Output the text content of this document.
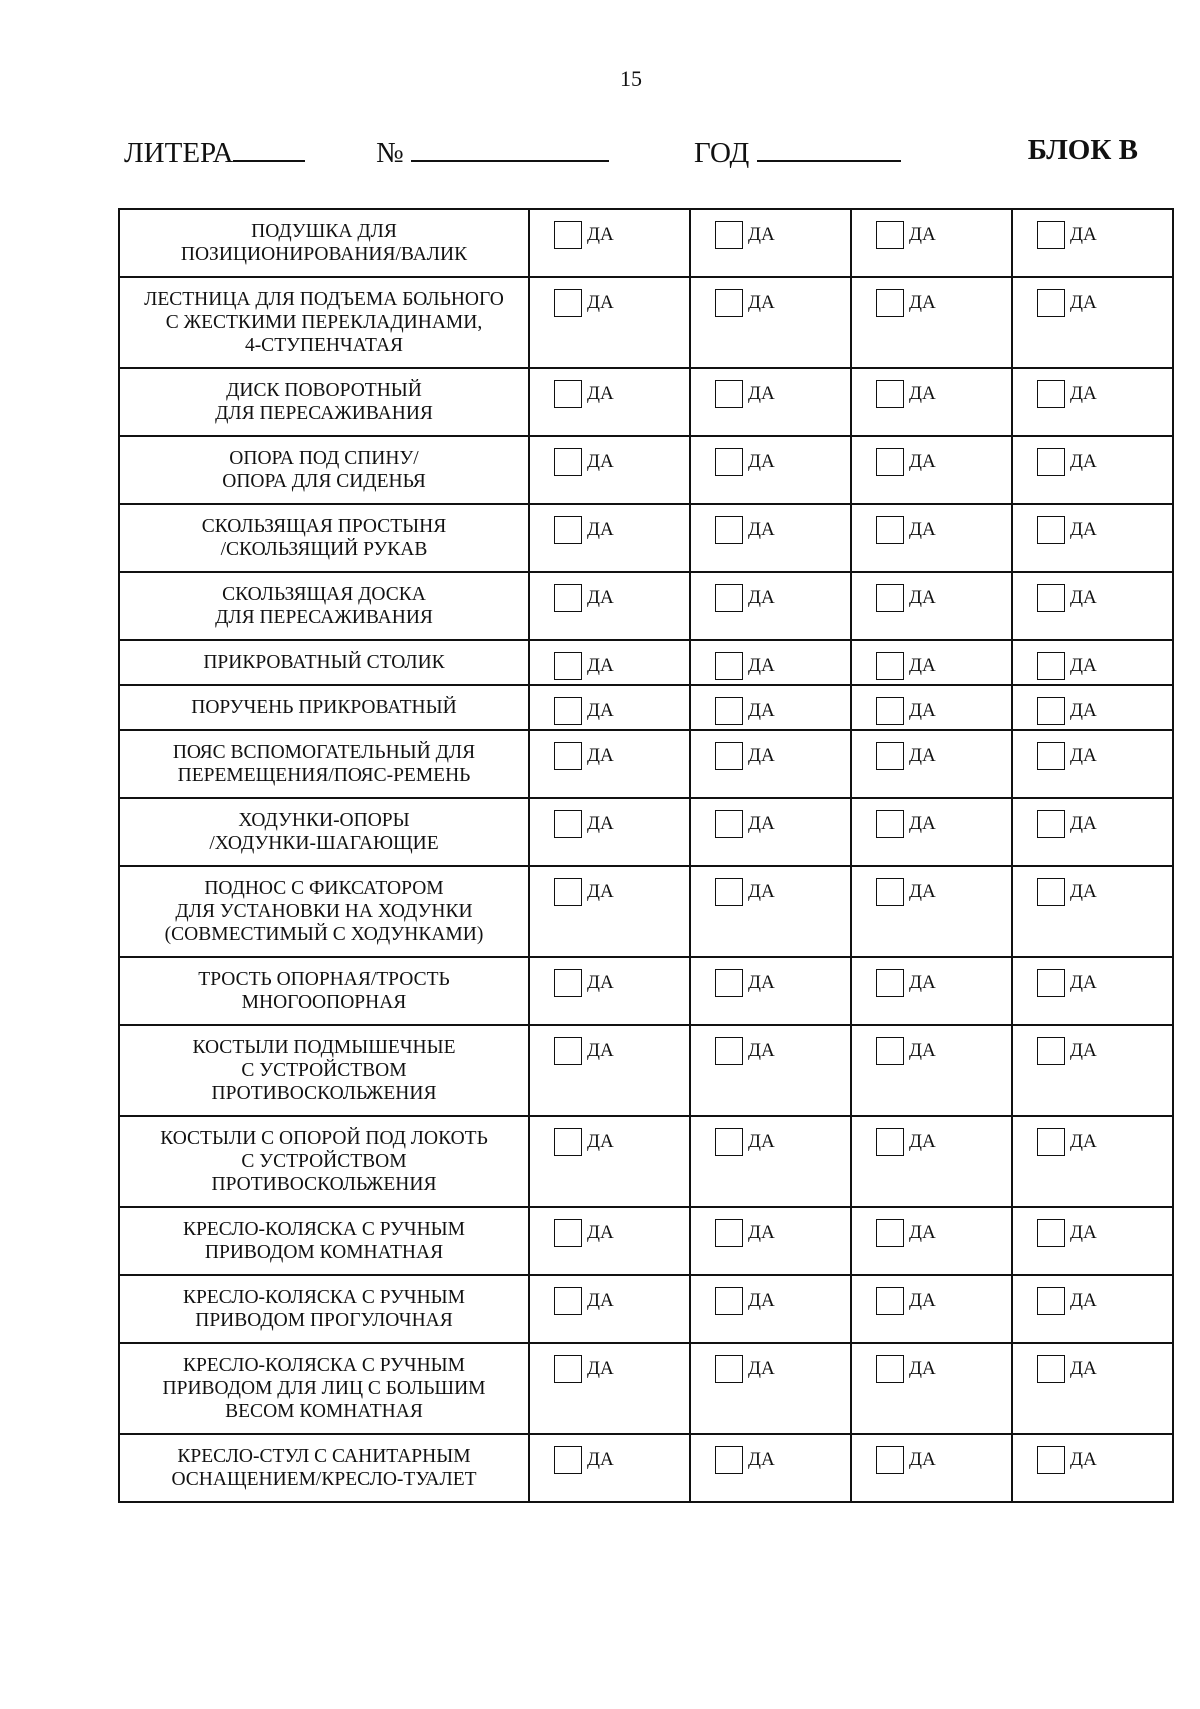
15
ЛИТЕРА	№	ГОД	БЛОК В
ПОДУШКА ДЛЯ
ПОЗИЦИОНИРОВАНИЯ/ВАЛИК	ДА	ДА	ДА	ДА

ЛЕСТНИЦА ДЛЯ ПОДЪЕМА БОЛЬНОГО
С ЖЕСТКИМИ ПЕРЕКЛАДИНАМИ,
4-СТУПЕНЧАТАЯ	ДА	ДА	ДА	ДА

ДИСК ПОВОРОТНЫЙ
ДЛЯ ПЕРЕСАЖИВАНИЯ	ДА	ДА	ДА	ДА

ОПОРА ПОД СПИНУ/
ОПОРА ДЛЯ СИДЕНЬЯ	ДА	ДА	ДА	ДА

СКОЛЬЗЯЩАЯ ПРОСТЫНЯ
/СКОЛЬЗЯЩИЙ РУКАВ	ДА	ДА	ДА	ДА

СКОЛЬЗЯЩАЯ ДОСКА
ДЛЯ ПЕРЕСАЖИВАНИЯ	ДА	ДА	ДА	ДА

ПРИКРОВАТНЫЙ СТОЛИК	ДА	ДА	ДА	ДА

ПОРУЧЕНЬ ПРИКРОВАТНЫЙ	ДА	ДА	ДА	ДА

ПОЯС ВСПОМОГАТЕЛЬНЫЙ ДЛЯ
ПЕРЕМЕЩЕНИЯ/ПОЯС-РЕМЕНЬ	ДА	ДА	ДА	ДА

ХОДУНКИ-ОПОРЫ
/ХОДУНКИ-ШАГАЮЩИЕ	ДА	ДА	ДА	ДА

ПОДНОС С ФИКСАТОРОМ
ДЛЯ УСТАНОВКИ НА ХОДУНКИ
(СОВМЕСТИМЫЙ С ХОДУНКАМИ)	ДА	ДА	ДА	ДА

ТРОСТЬ ОПОРНАЯ/ТРОСТЬ
МНОГООПОРНАЯ	ДА	ДА	ДА	ДА

КОСТЫЛИ ПОДМЫШЕЧНЫЕ
С УСТРОЙСТВОМ
ПРОТИВОСКОЛЬЖЕНИЯ	ДА	ДА	ДА	ДА

КОСТЫЛИ С ОПОРОЙ ПОД ЛОКОТЬ
С УСТРОЙСТВОМ
ПРОТИВОСКОЛЬЖЕНИЯ	ДА	ДА	ДА	ДА

КРЕСЛО-КОЛЯСКА С РУЧНЫМ
ПРИВОДОМ КОМНАТНАЯ	ДА	ДА	ДА	ДА

КРЕСЛО-КОЛЯСКА С РУЧНЫМ
ПРИВОДОМ ПРОГУЛОЧНАЯ	ДА	ДА	ДА	ДА

КРЕСЛО-КОЛЯСКА С РУЧНЫМ
ПРИВОДОМ ДЛЯ ЛИЦ С БОЛЬШИМ
ВЕСОМ КОМНАТНАЯ	ДА	ДА	ДА	ДА

КРЕСЛО-СТУЛ С САНИТАРНЫМ
ОСНАЩЕНИЕМ/КРЕСЛО-ТУАЛЕТ	ДА	ДА	ДА	ДА
